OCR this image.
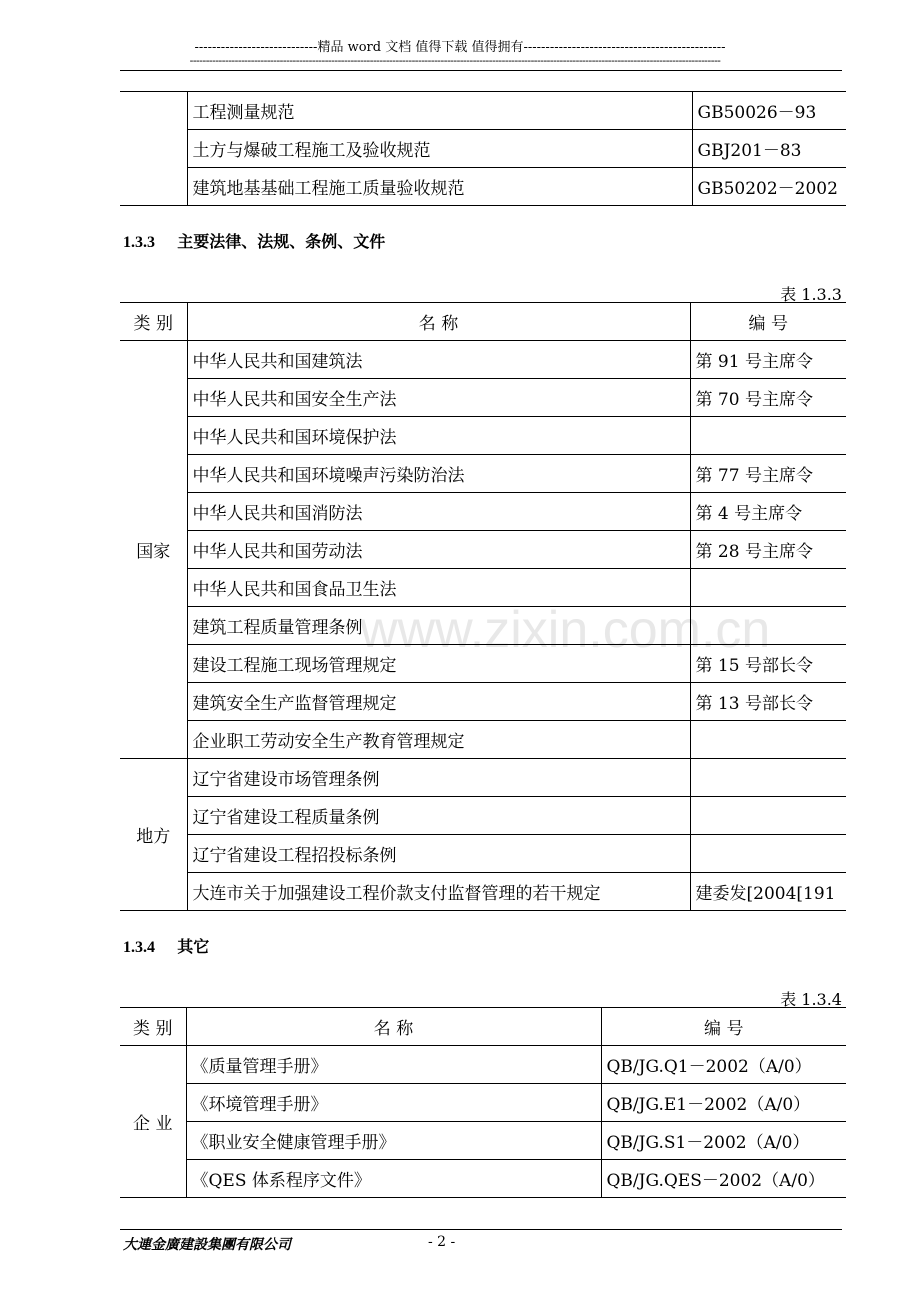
www.zixin.com.cn
----------------------------精品 word 文档 值得下载 值得拥有----------------------------------------------
---------------------------------------------------------------------------------------------------------------------------------------------------------------------
	工程测量规范	GB50026－93
	土方与爆破工程施工及验收规范	GBJ201－83
	建筑地基基础工程施工质量验收规范	GB50202－2002
1.3.3 主要法律、法规、条例、文件
表 1.3.3
类 别	名 称	编 号
国家	中华人民共和国建筑法	第 91 号主席令
	中华人民共和国安全生产法	第 70 号主席令
	中华人民共和国环境保护法	
	中华人民共和国环境噪声污染防治法	第 77 号主席令
	中华人民共和国消防法	第 4 号主席令
	中华人民共和国劳动法	第 28 号主席令
	中华人民共和国食品卫生法	
	建筑工程质量管理条例	
	建设工程施工现场管理规定	第 15 号部长令
	建筑安全生产监督管理规定	第 13 号部长令
	企业职工劳动安全生产教育管理规定	
地方	辽宁省建设市场管理条例	
	辽宁省建设工程质量条例	
	辽宁省建设工程招投标条例	
	大连市关于加强建设工程价款支付监督管理的若干规定	建委发[2004[191
1.3.4 其它
表 1.3.4
类 别	名 称	编 号
企 业	《质量管理手册》	QB/JG.Q1－2002（A/0）
	《环境管理手册》	QB/JG.E1－2002（A/0）
	《职业安全健康管理手册》	QB/JG.S1－2002（A/0）
	《QES 体系程序文件》	QB/JG.QES－2002（A/0）
大連金廣建設集團有限公司	- 2 -
